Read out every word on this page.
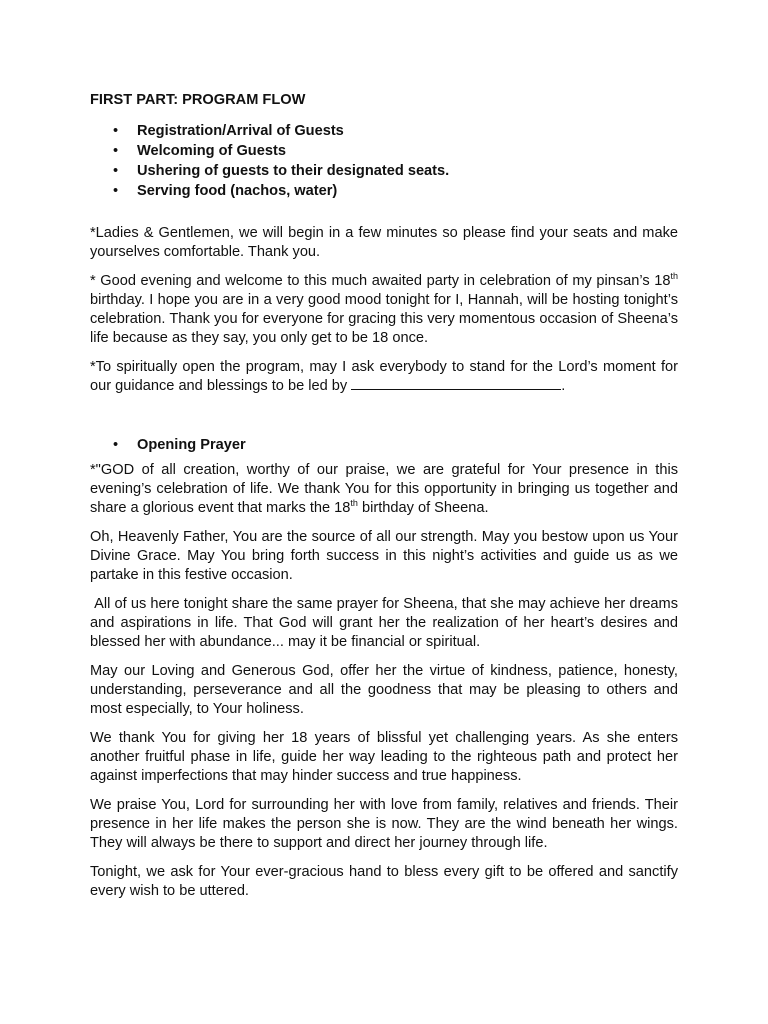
FIRST PART: PROGRAM FLOW

• Registration/Arrival of Guests
• Welcoming of Guests
• Ushering of guests to their designated seats.
• Serving food (nachos, water)

*Ladies & Gentlemen, we will begin in a few minutes so please find your seats and make yourselves comfortable. Thank you.

* Good evening and welcome to this much awaited party in celebration of my pinsan’s 18th birthday. I hope you are in a very good mood tonight for I, Hannah, will be hosting tonight’s celebration. Thank you for everyone for gracing this very momentous occasion of Sheena’s life because as they say, you only get to be 18 once.

*To spiritually open the program, may I ask everybody to stand for the Lord’s moment for our guidance and blessings to be led by	.

• Opening Prayer

*"GOD of all creation, worthy of our praise, we are grateful for Your presence in this evening’s celebration of life. We thank You for this opportunity in bringing us together and share a glorious event that marks the 18th birthday of Sheena.

Oh, Heavenly Father, You are the source of all our strength. May you bestow upon us Your Divine Grace. May You bring forth success in this night’s activities and guide us as we partake in this festive occasion.

All of us here tonight share the same prayer for Sheena, that she may achieve her dreams and aspirations in life. That God will grant her the realization of her heart’s desires and blessed her with abundance... may it be financial or spiritual.

May our Loving and Generous God, offer her the virtue of kindness, patience, honesty, understanding, perseverance and all the goodness that may be pleasing to others and most especially, to Your holiness.

We thank You for giving her 18 years of blissful yet challenging years. As she enters another fruitful phase in life, guide her way leading to the righteous path and protect her against imperfections that may hinder success and true happiness.

We praise You, Lord for surrounding her with love from family, relatives and friends. Their presence in her life makes the person she is now. They are the wind beneath her wings. They will always be there to support and direct her journey through life.

Tonight, we ask for Your ever-gracious hand to bless every gift to be offered and sanctify every wish to be uttered.
